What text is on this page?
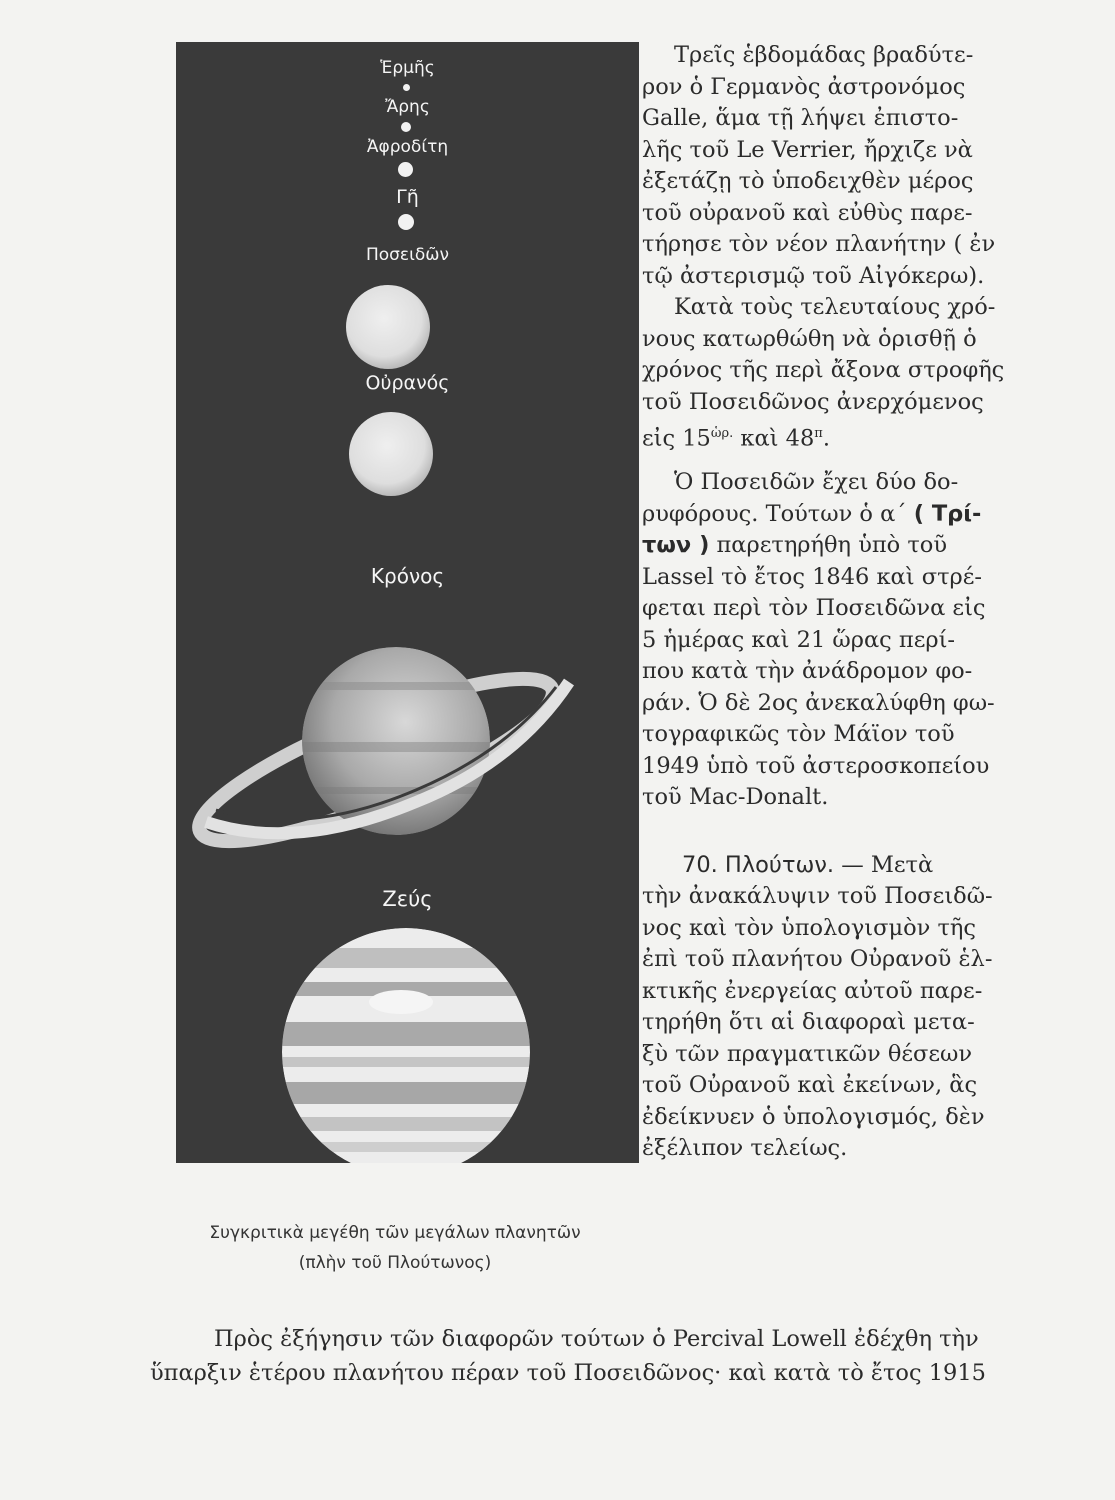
Ἑρμῆς
Ἄρης
Ἀφροδίτη
Γῆ
Ποσειδῶν
Οὐρανός
Κρόνος
Ζεύς
Συγκριτικὰ μεγέθη τῶν μεγάλων πλανητῶν
(πλὴν τοῦ Πλούτωνος)

Τρεῖς ἑβδομάδας βραδύτε-
ρον ὁ Γερμανὸς ἀστρονόμος
Galle, ἅμα τῇ λήψει ἐπιστο-
λῆς τοῦ Le Verrier, ἤρχιζε νὰ
ἐξετάζῃ τὸ ὑποδειχθὲν μέρος
τοῦ οὐρανοῦ καὶ εὐθὺς παρε-
τήρησε τὸν νέον πλανήτην ( ἐν
τῷ ἀστερισμῷ τοῦ Αἰγόκερω).

Κατὰ τοὺς τελευταίους χρό-
νους κατωρθώθη νὰ ὁρισθῇ ὁ
χρόνος τῆς περὶ ἄξονα στροφῆς
τοῦ Ποσειδῶνος ἀνερχόμενος
εἰς $15^{ὡ\rho.}$ καὶ $48^\pi$.

Ὁ Ποσειδῶν ἔχει δύο δο-
ρυφόρους. Τούτων ὁ α΄ ( Τρί-
των ) παρετηρήθη ὑπὸ τοῦ
Lassel τὸ ἔτος 1846 καὶ στρέ-
φεται περὶ τὸν Ποσειδῶνα εἰς
5 ἡμέρας καὶ 21 ὥρας περί-
που κατὰ τὴν ἀνάδρομον φο-
ράν. Ὁ δὲ 2ος ἀνεκαλύφθη φω-
τογραφικῶς τὸν Μάϊον τοῦ
1949 ὑπὸ τοῦ ἀστεροσκοπείου
τοῦ Mac-Donalt.

70. Πλούτων. — Μετὰ
τὴν ἀνακάλυψιν τοῦ Ποσειδῶ-
νος καὶ τὸν ὑπολογισμὸν τῆς
ἐπὶ τοῦ πλανήτου Οὐρανοῦ ἑλ-
κτικῆς ἐνεργείας αὐτοῦ παρε-
τηρήθη ὅτι αἱ διαφοραὶ μετα-
ξὺ τῶν πραγματικῶν θέσεων
τοῦ Οὐρανοῦ καὶ ἐκείνων, ἃς
ἐδείκνυεν ὁ ὑπολογισμός, δὲν
ἐξέλιπον τελείως.

Πρὸς ἐξήγησιν τῶν διαφορῶν τούτων ὁ Percival Lowell ἐδέχθη τὴν
ὕπαρξιν ἑτέρου πλανήτου πέραν τοῦ Ποσειδῶνος· καὶ κατὰ τὸ ἔτος 1915
